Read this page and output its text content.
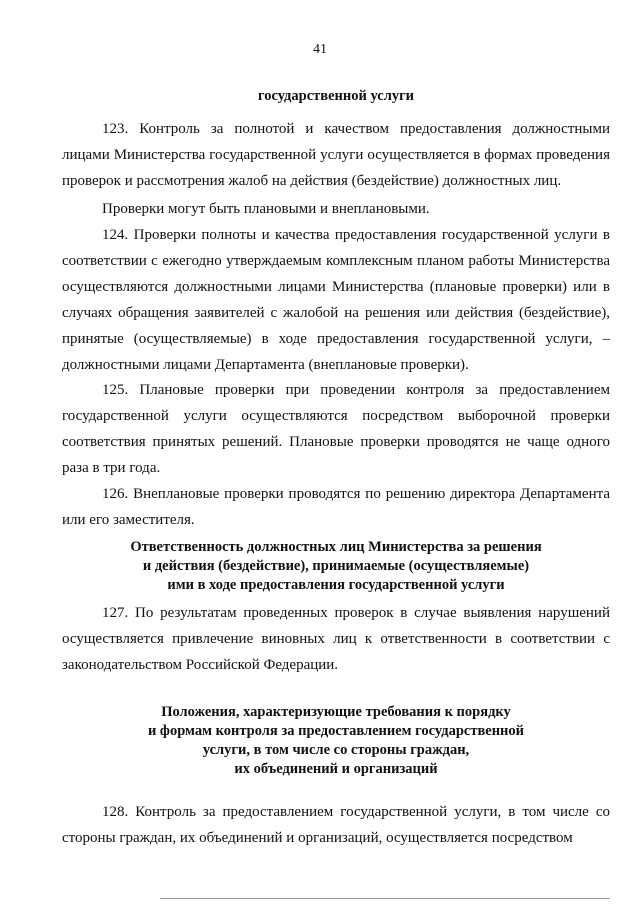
41
государственной услуги

123. Контроль за полнотой и качеством предоставления должностными лицами Министерства государственной услуги осуществляется в формах проведения проверок и рассмотрения жалоб на действия (бездействие) должностных лиц.

Проверки могут быть плановыми и внеплановыми.

124. Проверки полноты и качества предоставления государственной услуги в соответствии с ежегодно утверждаемым комплексным планом работы Министерства осуществляются должностными лицами Министерства (плановые проверки) или в случаях обращения заявителей с жалобой на решения или действия (бездействие), принятые (осуществляемые) в ходе предоставления государственной услуги, – должностными лицами Департамента (внеплановые проверки).

125. Плановые проверки при проведении контроля за предоставлением государственной услуги осуществляются посредством выборочной проверки соответствия принятых решений. Плановые проверки проводятся не чаще одного раза в три года.

126. Внеплановые проверки проводятся по решению директора Департамента или его заместителя.

Ответственность должностных лиц Министерства за решения
и действия (бездействие), принимаемые (осуществляемые)
ими в ходе предоставления государственной услуги

127. По результатам проведенных проверок в случае выявления нарушений осуществляется привлечение виновных лиц к ответственности в соответствии с законодательством Российской Федерации.

Положения, характеризующие требования к порядку
и формам контроля за предоставлением государственной
услуги, в том числе со стороны граждан,
их объединений и организаций

128. Контроль за предоставлением государственной услуги, в том числе со стороны граждан, их объединений и организаций, осуществляется посредством
